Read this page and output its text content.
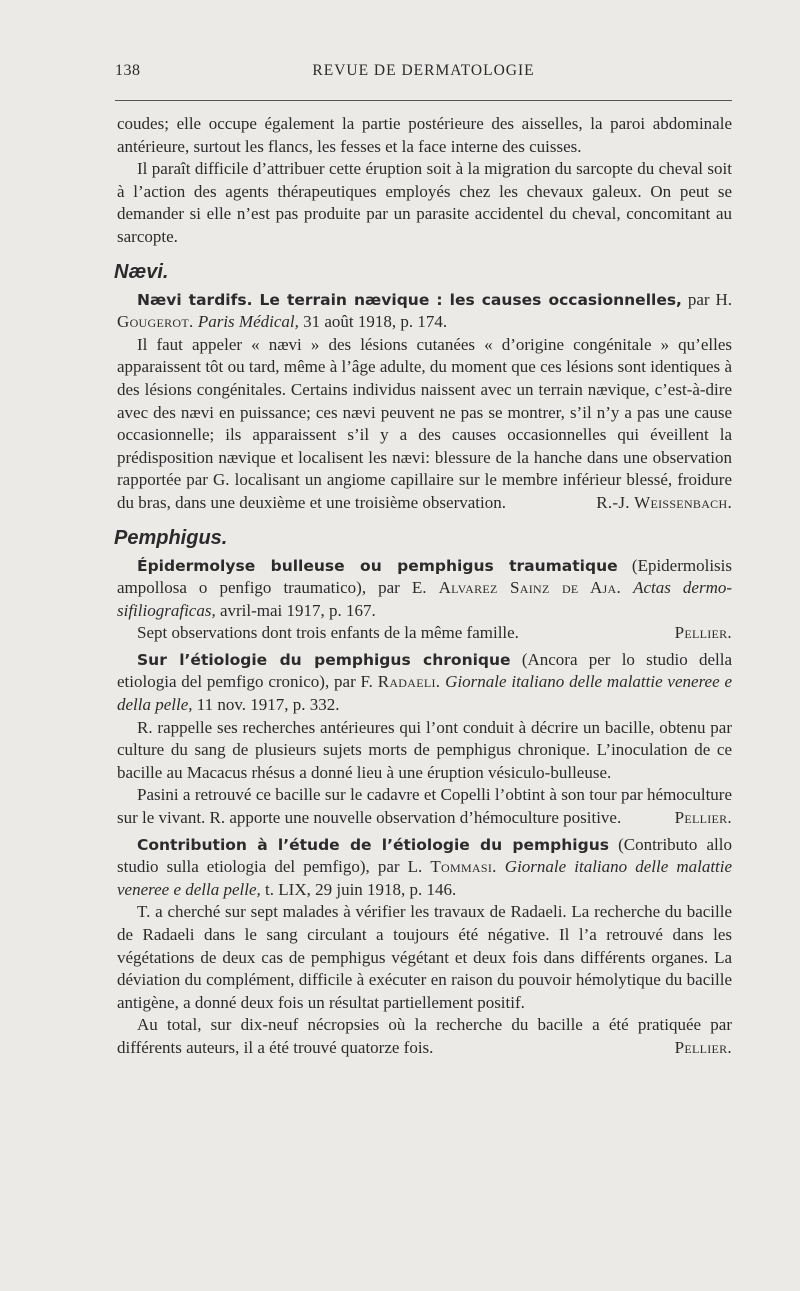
138	REVUE DE DERMATOLOGIE

coudes; elle occupe également la partie postérieure des aisselles, la paroi abdominale antérieure, surtout les flancs, les fesses et la face interne des cuisses.

Il paraît difficile d’attribuer cette éruption soit à la migration du sarcopte du cheval soit à l’action des agents thérapeutiques employés chez les chevaux galeux. On peut se demander si elle n’est pas produite par un parasite accidentel du cheval, concomitant au sarcopte.

Nævi.

Nævi tardifs. Le terrain nævique : les causes occasionnelles, par H. Gougerot. Paris Médical, 31 août 1918, p. 174.

Il faut appeler « nævi » des lésions cutanées « d’origine congénitale » qu’elles apparaissent tôt ou tard, même à l’âge adulte, du moment que ces lésions sont identiques à des lésions congénitales. Certains individus naissent avec un terrain nævique, c’est-à-dire avec des nævi en puissance; ces nævi peuvent ne pas se montrer, s’il n’y a pas une cause occasionnelle; ils apparaissent s’il y a des causes occasionnelles qui éveillent la prédisposition nævique et localisent les nævi: blessure de la hanche dans une observation rapportée par G. localisant un angiome capillaire sur le membre inférieur blessé, froidure du bras, dans une deuxième et une troisième observation.	R.-J. Weissenbach.

Pemphigus.

Épidermolyse bulleuse ou pemphigus traumatique (Epidermolisis ampollosa o penfigo traumatico), par E. Alvarez Sainz de Aja. Actas dermo-sifiliograficas, avril-mai 1917, p. 167.

Sept observations dont trois enfants de la même famille.	Pellier.

Sur l’étiologie du pemphigus chronique (Ancora per lo studio della etiologia del pemfigo cronico), par F. Radaeli. Giornale italiano delle malattie veneree e della pelle, 11 nov. 1917, p. 332.

R. rappelle ses recherches antérieures qui l’ont conduit à décrire un bacille, obtenu par culture du sang de plusieurs sujets morts de pemphigus chronique. L’inoculation de ce bacille au Macacus rhésus a donné lieu à une éruption vésiculo-bulleuse.

Pasini a retrouvé ce bacille sur le cadavre et Copelli l’obtint à son tour par hémoculture sur le vivant. R. apporte une nouvelle observation d’hémoculture positive.	Pellier.

Contribution à l’étude de l’étiologie du pemphigus (Contributo allo studio sulla etiologia del pemfigo), par L. Tommasi. Giornale italiano delle malattie veneree e della pelle, t. LIX, 29 juin 1918, p. 146.

T. a cherché sur sept malades à vérifier les travaux de Radaeli. La recherche du bacille de Radaeli dans le sang circulant a toujours été négative. Il l’a retrouvé dans les végétations de deux cas de pemphigus végétant et deux fois dans différents organes. La déviation du complément, difficile à exécuter en raison du pouvoir hémolytique du bacille antigène, a donné deux fois un résultat partiellement positif.

Au total, sur dix-neuf nécropsies où la recherche du bacille a été pratiquée par différents auteurs, il a été trouvé quatorze fois.	Pellier.
